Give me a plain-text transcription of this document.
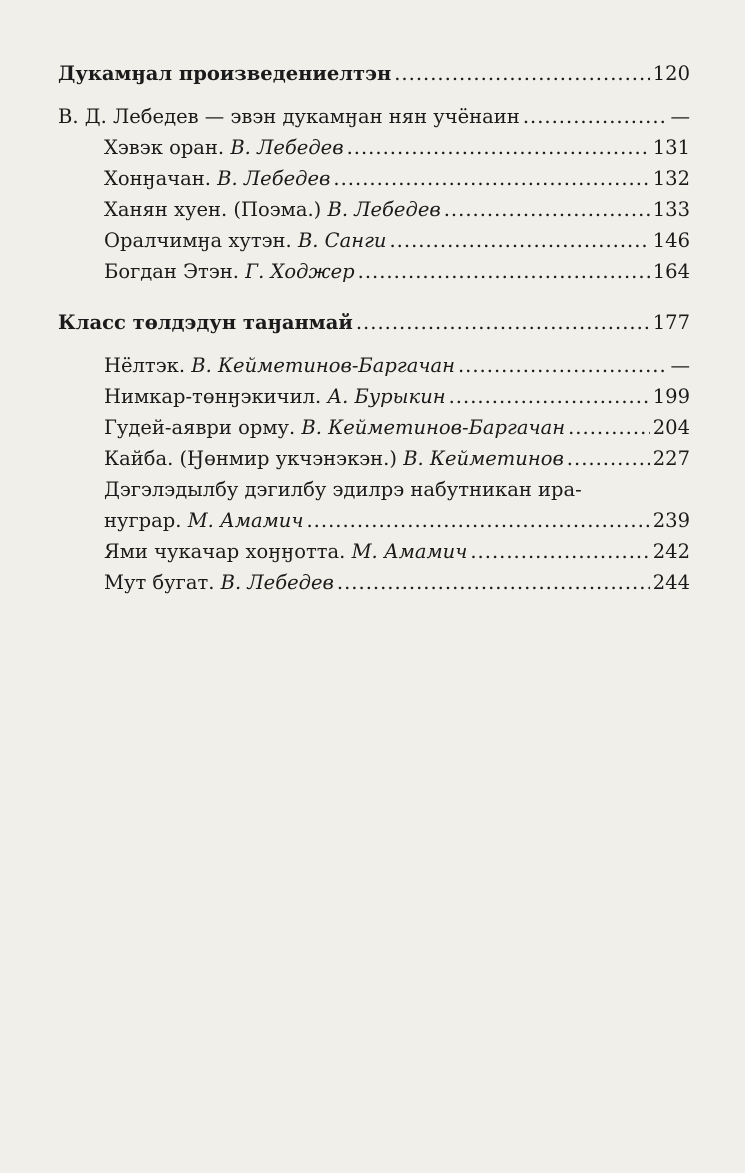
Дукамӈал произведениелтэн .....	120
В. Д. Лебедев — эвэн дукамӈан нян учёнаин .....	—
Хэвэк оран. В. Лебедев .....	131
Хонӈачан. В. Лебедев .....	132
Ханян хуен. (Поэма.) В. Лебедев .....	133
Оралчимӈа хутэн. В. Санги .....	146
Богдан Этэн. Г. Ходжер .....	164
Класс төлдэдун таӈанмай .....	177
Нёлтэк. В. Кейметинов-Баргачан .....	—
Нимкар-төнӈэкичил. А. Бурыкин .....	199
Гудей-аяври орму. В. Кейметинов-Баргачан .....	204
Кайба. (Ӈөнмир укчэнэкэн.) В. Кейметинов .....	227
Дэгэлэдылбу дэгилбу эдилрэ набутникан ира-
нуграр. М. Амамич .....	239
Ями чукачар хоӈӈотта. М. Амамич .....	242
Мут бугат. В. Лебедев .....	244
